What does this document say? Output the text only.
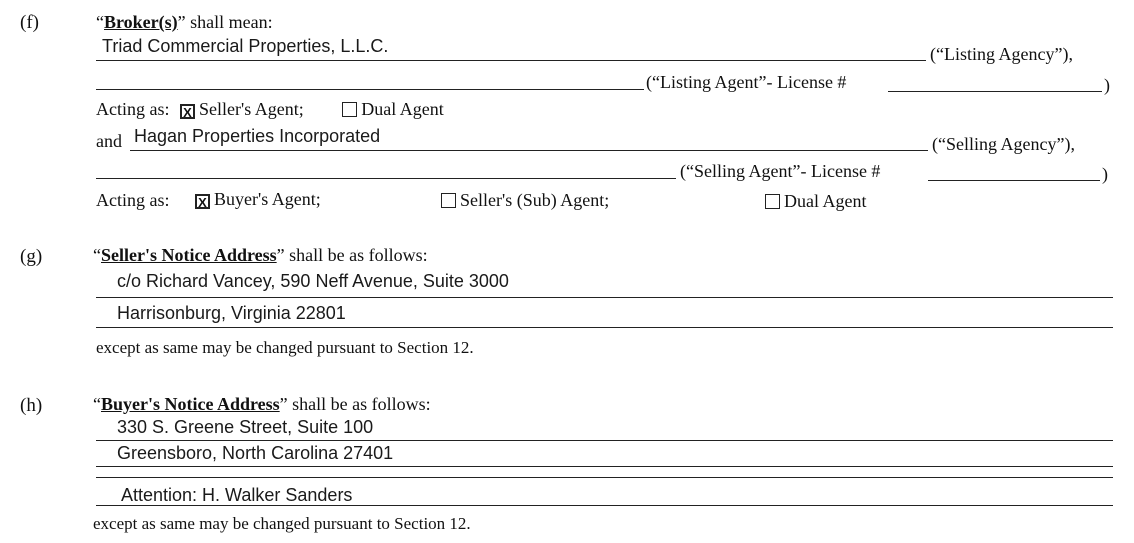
(f)	“Broker(s)” shall mean:
Triad Commercial Properties, L.L.C.	(“Listing Agency”),
(“Listing Agent”- License #	)
Acting as: X Seller's Agent;	Dual Agent
and Hagan Properties Incorporated	(“Selling Agency”),
(“Selling Agent”- License #	)
Acting as: X Buyer's Agent;	Seller's (Sub) Agent;	Dual Agent
(g)	“Seller's Notice Address” shall be as follows:
c/o Richard Vancey, 590 Neff Avenue, Suite 3000
Harrisonburg, Virginia 22801
except as same may be changed pursuant to Section 12.
(h)	“Buyer's Notice Address” shall be as follows:
330 S. Greene Street, Suite 100
Greensboro, North Carolina 27401
Attention: H. Walker Sanders
except as same may be changed pursuant to Section 12.
